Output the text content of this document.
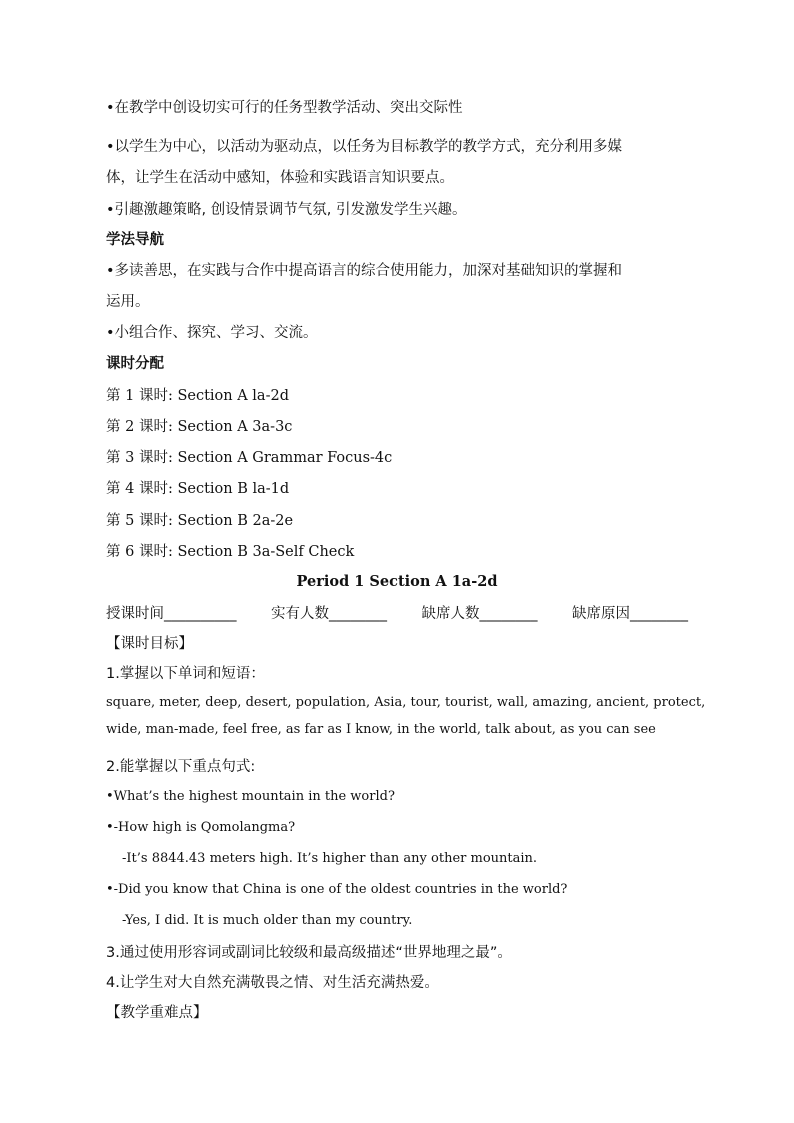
•在教学中创设切实可行的任务型教学活动、突出交际性
•以学生为中心，以活动为驱动点，以任务为目标教学的教学方式，充分利用多媒
体，让学生在活动中感知，体验和实践语言知识要点。
•引趣激趣策略, 创设情景调节气氛, 引发激发学生兴趣。
学法导航
•多读善思，在实践与合作中提高语言的综合使用能力，加深对基础知识的掌握和
运用。
•小组合作、探究、学习、交流。
课时分配
第 1 课时: Section A la-2d
第 2 课时: Section A 3a-3c
第 3 课时: Section A Grammar Focus-4c
第 4 课时: Section B la-1d
第 5 课时: Section B 2a-2e
第 6 课时: Section B 3a-Self Check
Period 1 Section A 1a-2d
授课时间__________ 实有人数________ 缺席人数________ 缺席原因________
【课时目标】
1.掌握以下单词和短语：
square, meter, deep, desert, population, Asia, tour, tourist, wall, amazing, ancient, protect,
wide, man-made, feel free, as far as I know, in the world, talk about, as you can see
2.能掌握以下重点句式:
•What’s the highest mountain in the world?
•-How high is Qomolangma?
-It’s 8844.43 meters high. It’s higher than any other mountain.
•-Did you know that China is one of the oldest countries in the world?
-Yes, I did. It is much older than my country.
3.通过使用形容词或副词比较级和最高级描述“世界地理之最”。
4.让学生对大自然充满敬畏之情、对生活充满热爱。
【教学重难点】
